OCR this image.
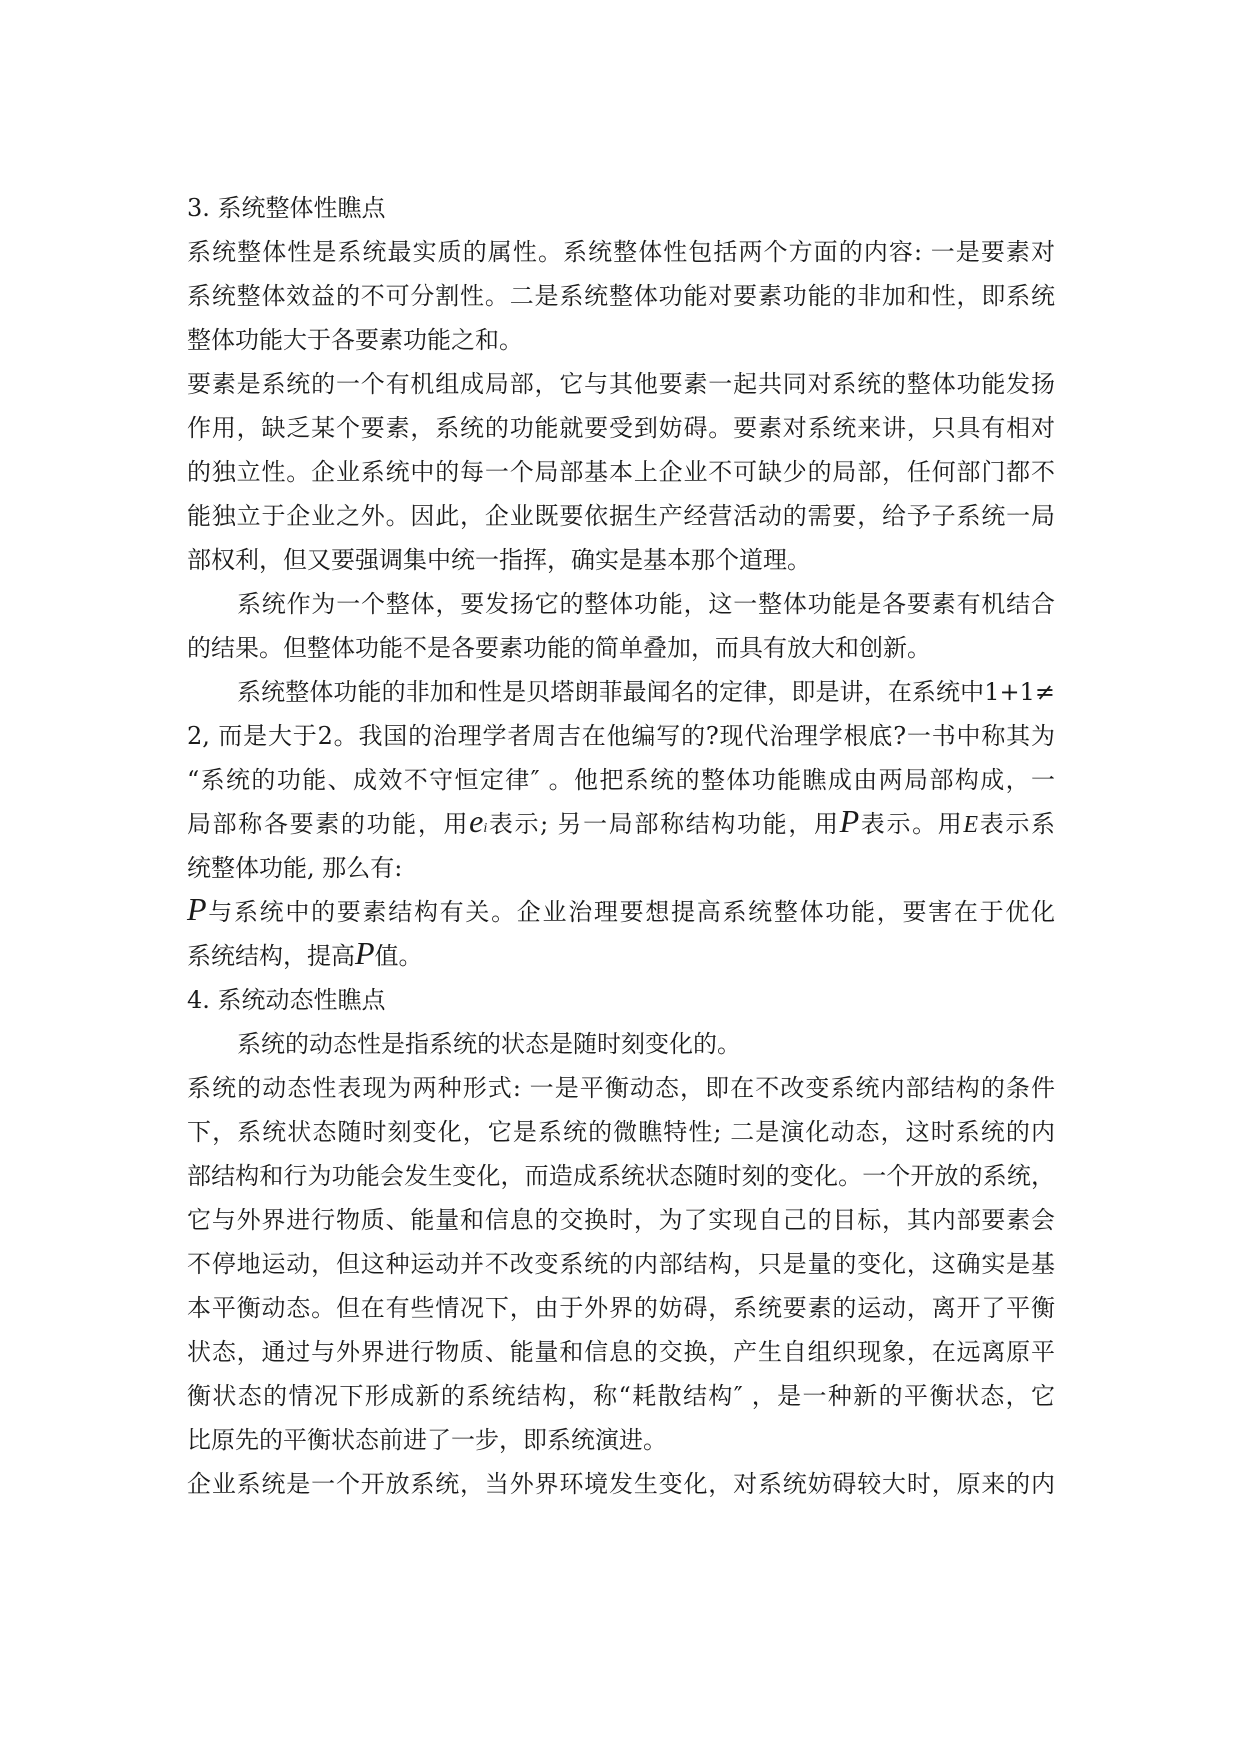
3. 系统整体性瞧点
系统整体性是系统最实质的属性。系统整体性包括两个方面的内容: 一是要素对
系统整体效益的不可分割性。二是系统整体功能对要素功能的非加和性，即系统
整体功能大于各要素功能之和。
要素是系统的一个有机组成局部，它与其他要素一起共同对系统的整体功能发扬
作用，缺乏某个要素，系统的功能就要受到妨碍。要素对系统来讲，只具有相对
的独立性。企业系统中的每一个局部基本上企业不可缺少的局部，任何部门都不
能独立于企业之外。因此，企业既要依据生产经营活动的需要，给予子系统一局
部权利，但又要强调集中统一指挥，确实是基本那个道理。
系统作为一个整体，要发扬它的整体功能，这一整体功能是各要素有机结合
的结果。但整体功能不是各要素功能的简单叠加，而具有放大和创新。
系统整体功能的非加和性是贝塔朗菲最闻名的定律，即是讲，在系统中1+1≠
2, 而是大于2。我国的治理学者周吉在他编写的?现代治理学根底?一书中称其为
“系统的功能、成效不守恒定律″ 。他把系统的整体功能瞧成由两局部构成，一
局部称各要素的功能，用ei表示; 另一局部称结构功能，用P表示。用E表示系
统整体功能, 那么有:
P与系统中的要素结构有关。企业治理要想提高系统整体功能，要害在于优化
系统结构，提高P值。
4. 系统动态性瞧点
系统的动态性是指系统的状态是随时刻变化的。
系统的动态性表现为两种形式: 一是平衡动态，即在不改变系统内部结构的条件
下，系统状态随时刻变化，它是系统的微瞧特性; 二是演化动态，这时系统的内
部结构和行为功能会发生变化，而造成系统状态随时刻的变化。一个开放的系统，
它与外界进行物质、能量和信息的交换时，为了实现自己的目标，其内部要素会
不停地运动，但这种运动并不改变系统的内部结构，只是量的变化，这确实是基
本平衡动态。但在有些情况下，由于外界的妨碍，系统要素的运动，离开了平衡
状态，通过与外界进行物质、能量和信息的交换，产生自组织现象，在远离原平
衡状态的情况下形成新的系统结构，称“耗散结构″ ，是一种新的平衡状态，它
比原先的平衡状态前进了一步，即系统演进。
企业系统是一个开放系统，当外界环境发生变化，对系统妨碍较大时，原来的内
